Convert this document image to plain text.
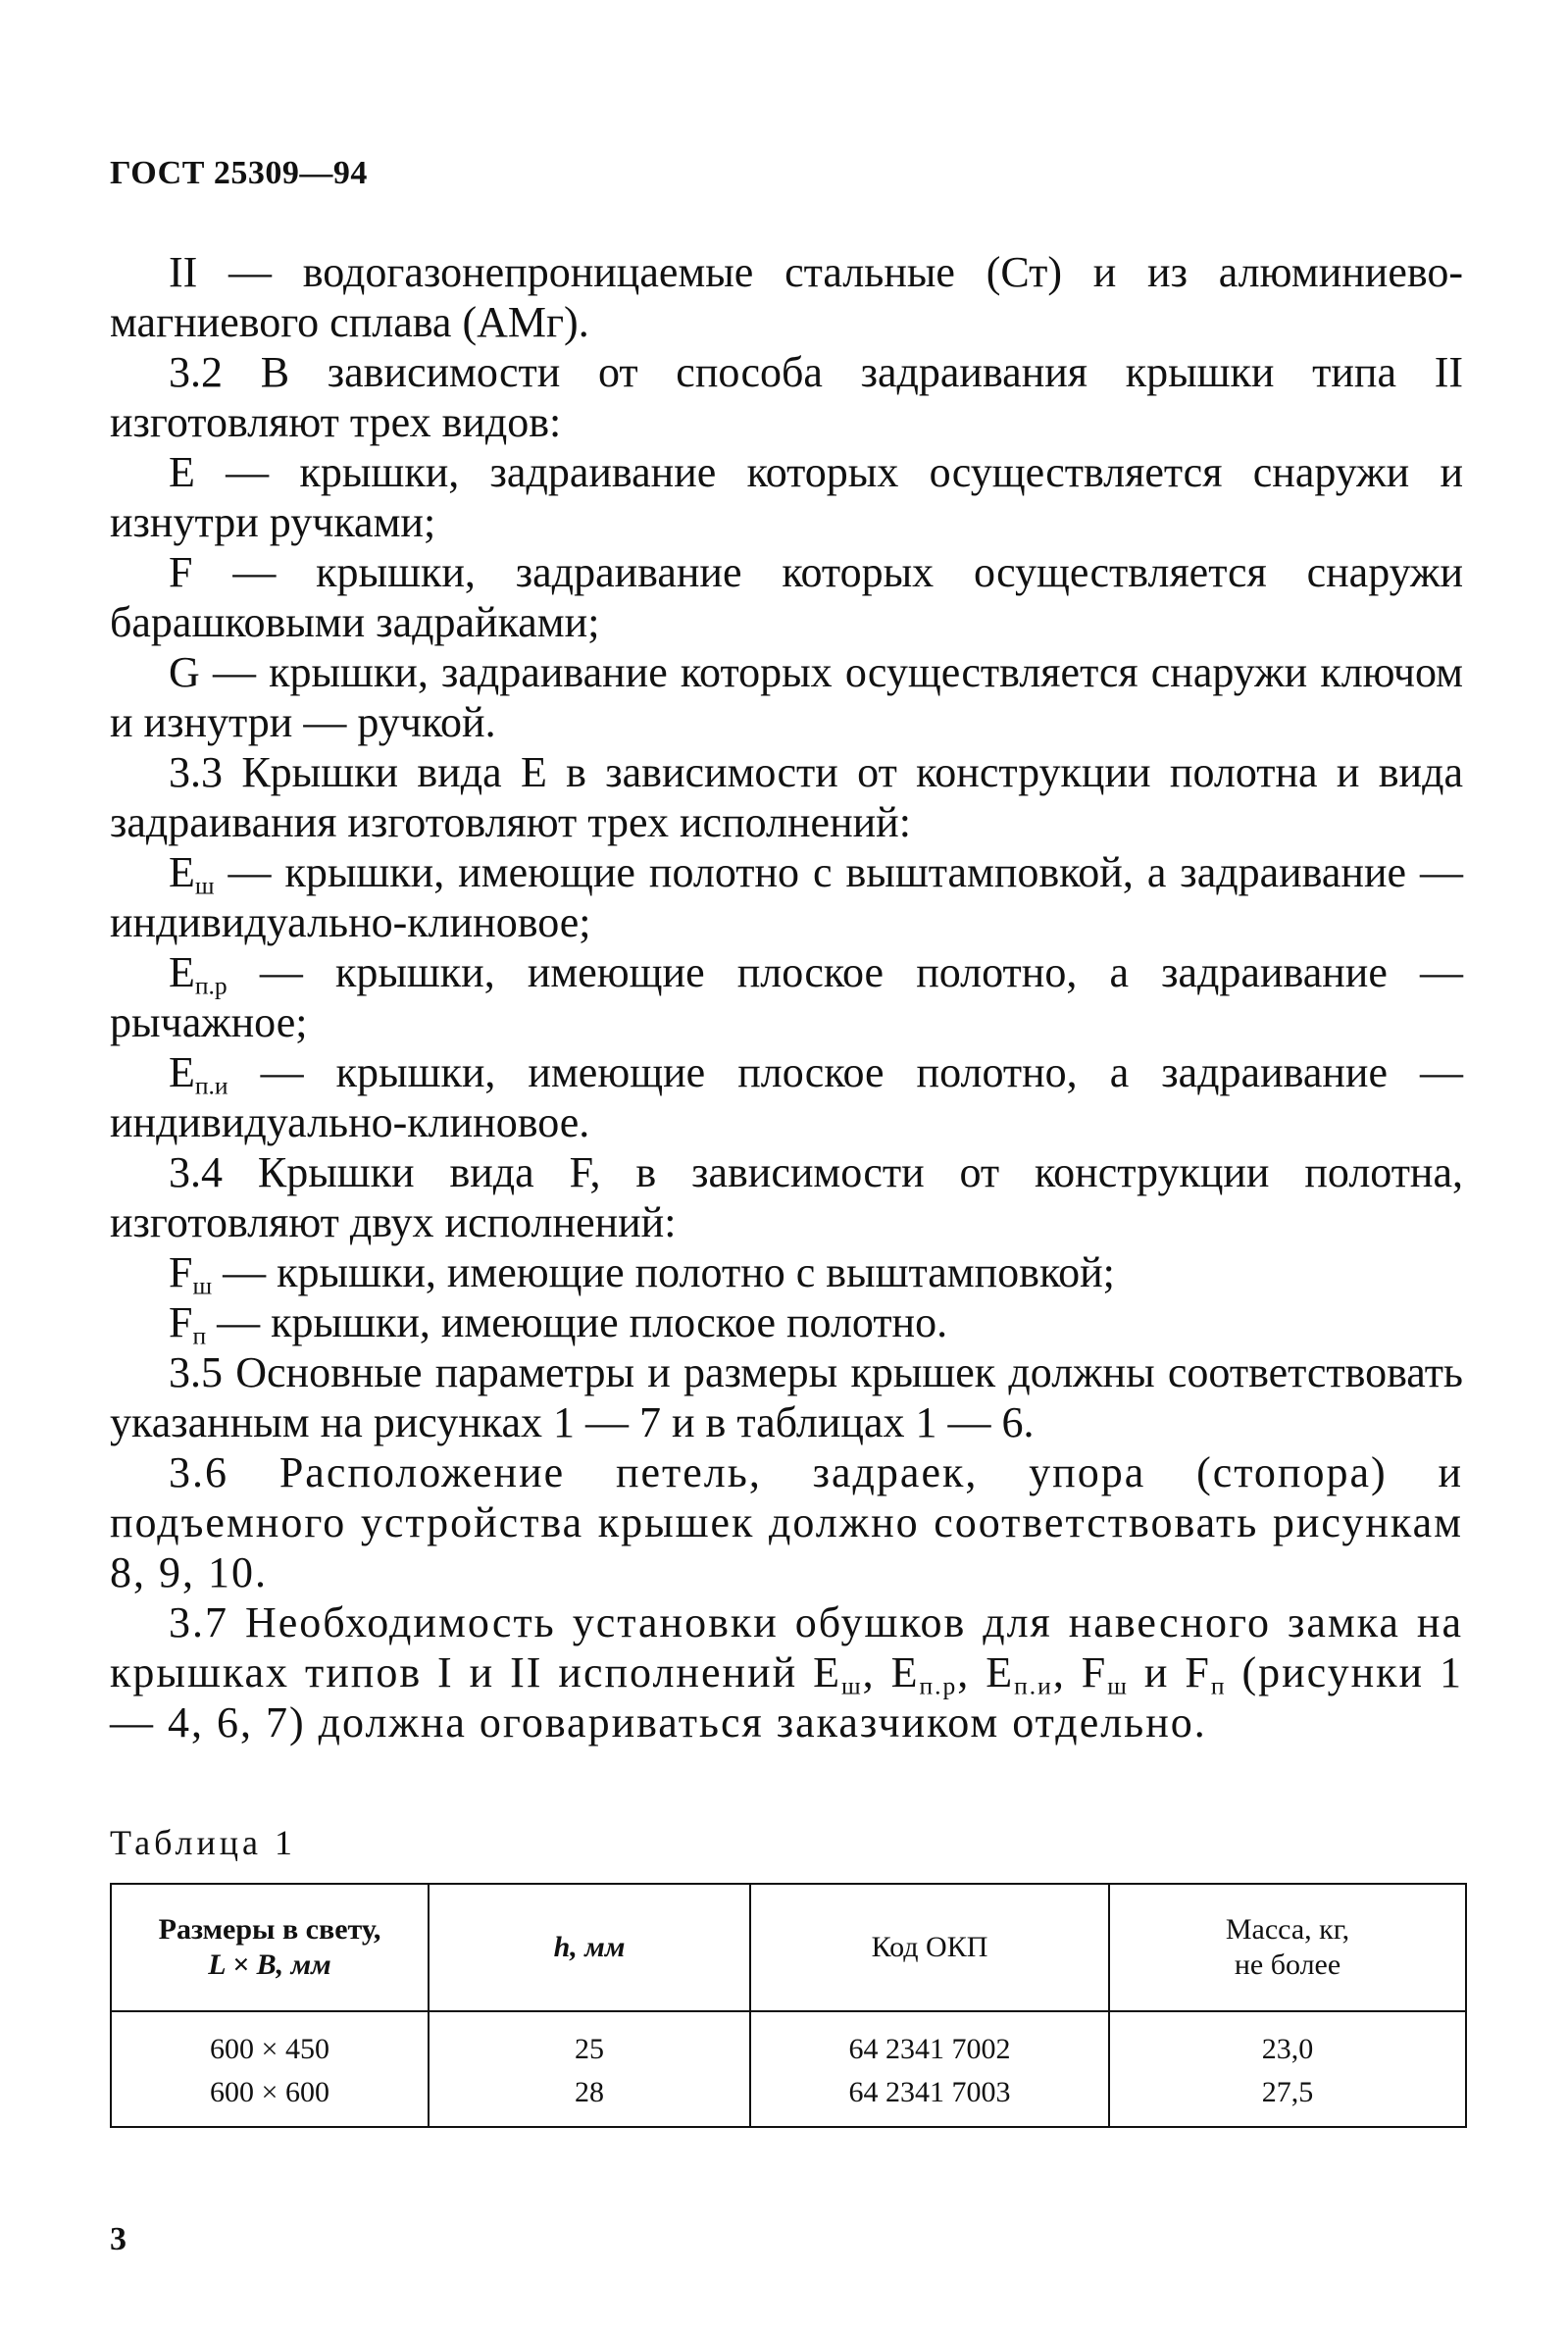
ГОСТ 25309—94

II — водогазонепроницаемые стальные (Ст) и из алюминиево-магниевого сплава (АМг).

3.2 В зависимости от способа задраивания крышки типа II изготовляют трех видов:

Е — крышки, задраивание которых осуществляется снаружи и изнутри ручками;

F — крышки, задраивание которых осуществляется снаружи барашковыми задрайками;

G — крышки, задраивание которых осуществляется снаружи ключом и изнутри — ручкой.

3.3 Крышки вида Е в зависимости от конструкции полотна и вида задраивания изготовляют трех исполнений:

$Е_ш$ — крышки, имеющие полотно с выштамповкой, а задраивание — индивидуально-клиновое;

$Е_{п.р}$ — крышки, имеющие плоское полотно, а задраивание — рычажное;

$Е_{п.и}$ — крышки, имеющие плоское полотно, а задраивание — индивидуально-клиновое.

3.4 Крышки вида F, в зависимости от конструкции полотна, изготовляют двух исполнений:

$F_ш$ — крышки, имеющие полотно с выштамповкой;

$F_п$ — крышки, имеющие плоское полотно.

3.5 Основные параметры и размеры крышек должны соответствовать указанным на рисунках 1 — 7 и в таблицах 1 — 6.

3.6 Расположение петель, задраек, упора (стопора) и подъемного устройства крышек должно соответствовать рисункам 8, 9, 10.

3.7 Необходимость установки обушков для навесного замка на крышках типов I и II исполнений $Е_ш$, $Е_{п.р}$, $Е_{п.и}$, $F_ш$ и $F_п$ (рисунки 1 — 4, 6, 7) должна оговариваться заказчиком отдельно.

Таблица 1
Размеры в свету,
L × B, мм	h, мм	Код ОКП	Масса, кг,
не более
600 × 450	25	64 2341 7002	23,0
600 × 600	28	64 2341 7003	27,5
3
